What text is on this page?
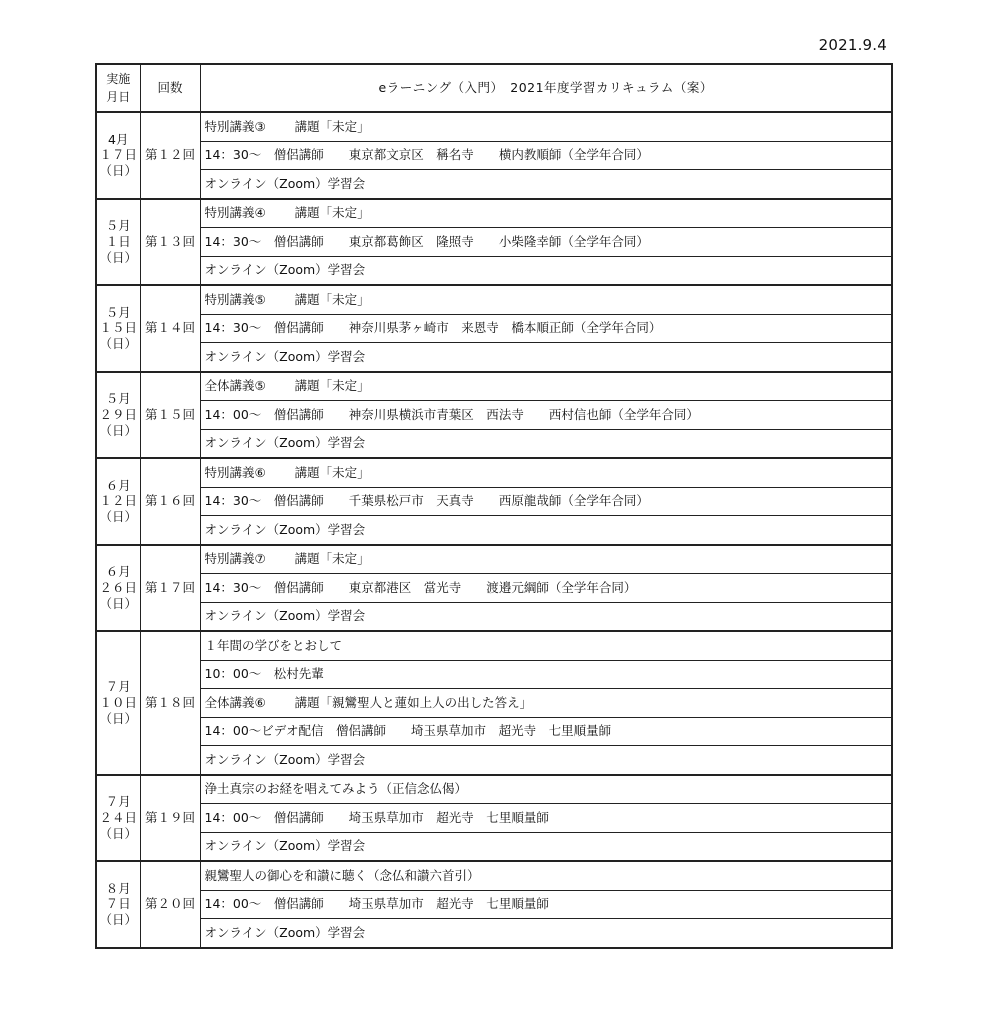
2021.9.4
実施
月日	回数	eラーニング（入門）　2021年度学習カリキュラム（案）

4月
１７日
（日）	第１２回	特別講義③　　 講題「未定」
		14：30～　僧侶講師　　東京都文京区　稱名寺　　横内教順師（全学年合同）
		オンライン（Zoom）学習会

５月
１日
（日）	第１３回	特別講義④　　 講題「未定」
		14：30～　僧侶講師　　東京都葛飾区　隆照寺　　小柴隆幸師（全学年合同）
		オンライン（Zoom）学習会

５月
１５日
（日）	第１４回	特別講義⑤　　 講題「未定」
		14：30～　僧侶講師　　神奈川県茅ヶ崎市　来恩寺　橋本順正師（全学年合同）
		オンライン（Zoom）学習会

５月
２９日
（日）	第１５回	全体講義⑤　　 講題「未定」
		14：00～　僧侶講師　　神奈川県横浜市青葉区　西法寺　　西村信也師（全学年合同）
		オンライン（Zoom）学習会

６月
１２日
（日）	第１６回	特別講義⑥　　 講題「未定」
		14：30～　僧侶講師　　千葉県松戸市　天真寺　　西原龍哉師（全学年合同）
		オンライン（Zoom）学習会

６月
２６日
（日）	第１７回	特別講義⑦　　 講題「未定」
		14：30～　僧侶講師　　東京都港区　當光寺　　渡邉元綱師（全学年合同）
		オンライン（Zoom）学習会

７月
１０日
（日）	第１８回	１年間の学びをとおして
		10：00～　松村先輩
		全体講義⑥　　 講題「親鸞聖人と蓮如上人の出した答え」
		14：00～ビデオ配信　僧侶講師　　埼玉県草加市　超光寺　七里順量師
		オンライン（Zoom）学習会

７月
２４日
（日）	第１９回	浄土真宗のお経を唱えてみよう（正信念仏偈）
		14：00～　僧侶講師　　埼玉県草加市　超光寺　七里順量師
		オンライン（Zoom）学習会

８月
７日
（日）	第２０回	親鸞聖人の御心を和讃に聴く（念仏和讃六首引）
		14：00～　僧侶講師　　埼玉県草加市　超光寺　七里順量師
		オンライン（Zoom）学習会
